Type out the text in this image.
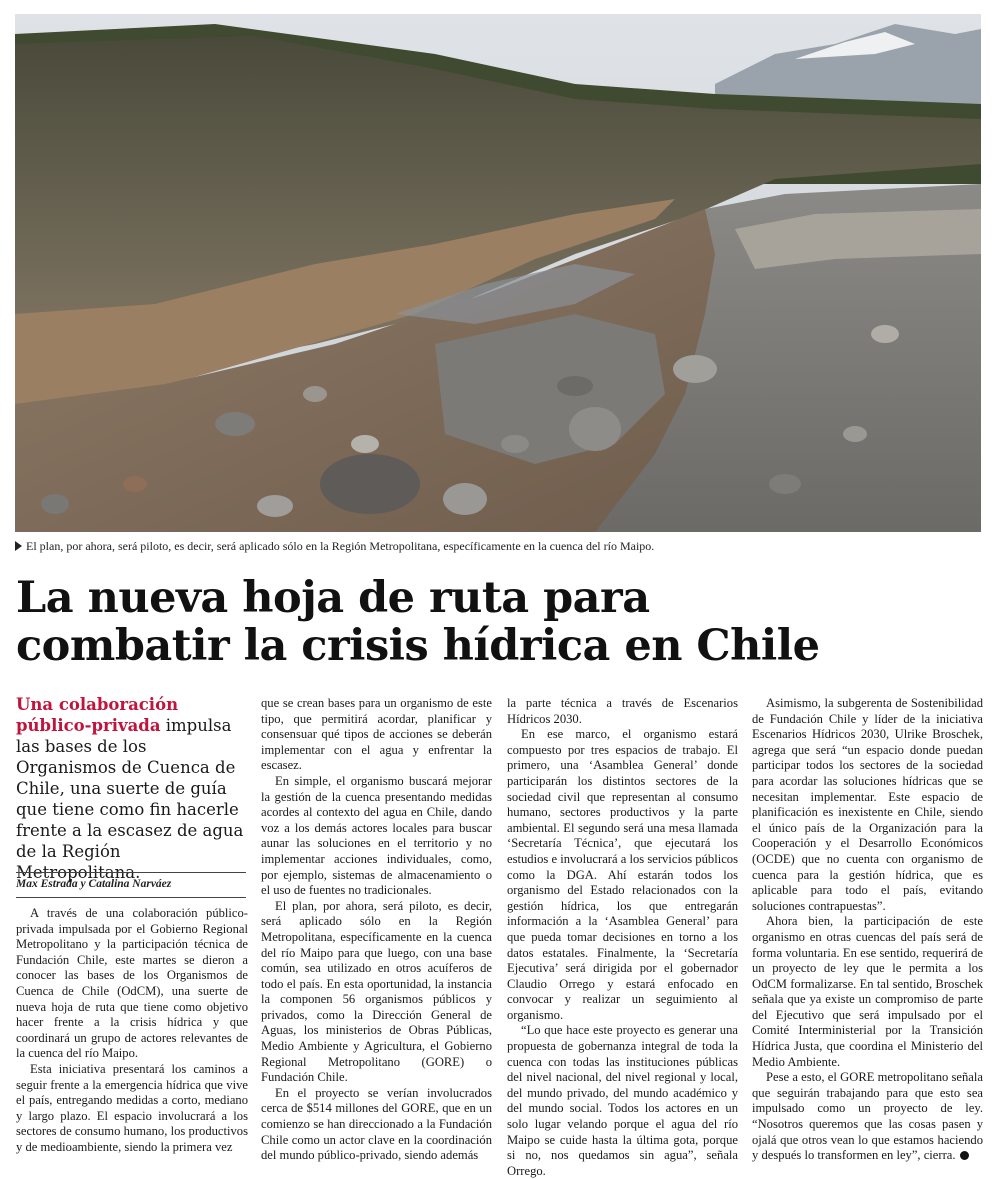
El plan, por ahora, será piloto, es decir, será aplicado sólo en la Región Metropolitana, específicamente en la cuenca del río Maipo.
La nueva hoja de ruta para
combatir la crisis hídrica en Chile
Una colaboración público-privada impulsa las bases de los Organismos de Cuenca de Chile, una suerte de guía que tiene como fin hacerle frente a la escasez de agua de la Región Metropolitana.
Max Estrada y Catalina Narváez

A través de una colaboración público-privada impulsada por el Gobierno Regional Metropolitano y la participación técnica de Fundación Chile, este martes se dieron a conocer las bases de los Organismos de Cuenca de Chile (OdCM), una suerte de nueva hoja de ruta que tiene como objetivo hacer frente a la crisis hídrica y que coordinará un grupo de actores relevantes de la cuenca del río Maipo.

Esta iniciativa presentará los caminos a seguir frente a la emergencia hídrica que vive el país, entregando medidas a corto, mediano y largo plazo. El espacio involucrará a los sectores de consumo humano, los productivos y de medioambiente, siendo la primera vez

que se crean bases para un organismo de este tipo, que permitirá acordar, planificar y consensuar qué tipos de acciones se deberán implementar con el agua y enfrentar la escasez.

En simple, el organismo buscará mejorar la gestión de la cuenca presentando medidas acordes al contexto del agua en Chile, dando voz a los demás actores locales para buscar aunar las soluciones en el territorio y no implementar acciones individuales, como, por ejemplo, sistemas de almacenamiento o el uso de fuentes no tradicionales.

El plan, por ahora, será piloto, es decir, será aplicado sólo en la Región Metropolitana, específicamente en la cuenca del río Maipo para que luego, con una base común, sea utilizado en otros acuíferos de todo el país. En esta oportunidad, la instancia la componen 56 organismos públicos y privados, como la Dirección General de Aguas, los ministerios de Obras Públicas, Medio Ambiente y Agricultura, el Gobierno Regional Metropolitano (GORE) o Fundación Chile.

En el proyecto se verían involucrados cerca de $514 millones del GORE, que en un comienzo se han direccionado a la Fundación Chile como un actor clave en la coordinación del mundo público-privado, siendo además

la parte técnica a través de Escenarios Hídricos 2030.

En ese marco, el organismo estará compuesto por tres espacios de trabajo. El primero, una ‘Asamblea General’ donde participarán los distintos sectores de la sociedad civil que representan al consumo humano, sectores productivos y la parte ambiental. El segundo será una mesa llamada ‘Secretaría Técnica’, que ejecutará los estudios e involucrará a los servicios públicos como la DGA. Ahí estarán todos los organismo del Estado relacionados con la gestión hídrica, los que entregarán información a la ‘Asamblea General’ para que pueda tomar decisiones en torno a los datos estatales. Finalmente, la ‘Secretaría Ejecutiva’ será dirigida por el gobernador Claudio Orrego y estará enfocado en convocar y realizar un seguimiento al organismo.

“Lo que hace este proyecto es generar una propuesta de gobernanza integral de toda la cuenca con todas las instituciones públicas del nivel nacional, del nivel regional y local, del mundo privado, del mundo académico y del mundo social. Todos los actores en un solo lugar velando porque el agua del río Maipo se cuide hasta la última gota, porque si no, nos quedamos sin agua”, señala Orrego.

Asimismo, la subgerenta de Sostenibilidad de Fundación Chile y líder de la iniciativa Escenarios Hídricos 2030, Ulrike Broschek, agrega que será “un espacio donde puedan participar todos los sectores de la sociedad para acordar las soluciones hídricas que se necesitan implementar. Este espacio de planificación es inexistente en Chile, siendo el único país de la Organización para la Cooperación y el Desarrollo Económicos (OCDE) que no cuenta con organismo de cuenca para la gestión hídrica, que es aplicable para todo el país, evitando soluciones contrapuestas”.

Ahora bien, la participación de este organismo en otras cuencas del país será de forma voluntaria. En ese sentido, requerirá de un proyecto de ley que le permita a los OdCM formalizarse. En tal sentido, Broschek señala que ya existe un compromiso de parte del Ejecutivo que será impulsado por el Comité Interministerial por la Transición Hídrica Justa, que coordina el Ministerio del Medio Ambiente.

Pese a esto, el GORE metropolitano señala que seguirán trabajando para que esto sea impulsado como un proyecto de ley. “Nosotros queremos que las cosas pasen y ojalá que otros vean lo que estamos haciendo y después lo transformen en ley”, cierra.
